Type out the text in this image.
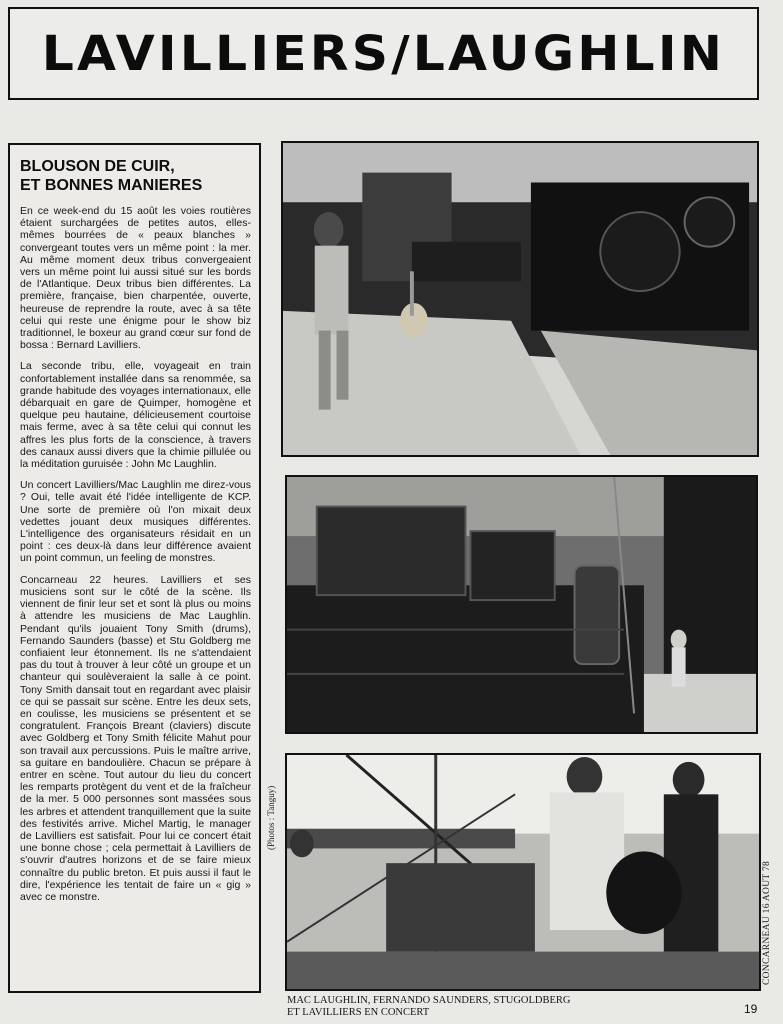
LAVILLIERS/LAUGHLIN
BLOUSON DE CUIR,
ET BONNES MANIERES

En ce week-end du 15 août les voies routières étaient surchargées de petites autos, elles-mêmes bourrées de « peaux blanches » convergeant toutes vers un même point : la mer. Au même moment deux tribus convergeaient vers un même point lui aussi situé sur les bords de l'Atlantique. Deux tribus bien différentes. La première, française, bien charpentée, ouverte, heureuse de reprendre la route, avec à sa tête celui qui reste une énigme pour le show biz traditionnel, le boxeur au grand cœur sur fond de bossa : Bernard Lavilliers.

La seconde tribu, elle, voyageait en train confortablement installée dans sa renommée, sa grande habitude des voyages internationaux, elle débarquait en gare de Quimper, homogène et quelque peu hautaine, délicieusement courtoise mais ferme, avec à sa tête celui qui connut les affres les plus forts de la conscience, à travers des canaux aussi divers que la chimie pillulée ou la méditation guruisée : John Mc Laughlin.

Un concert Lavilliers/Mac Laughlin me direz-vous ? Oui, telle avait été l'idée intelligente de KCP. Une sorte de première où l'on mixait deux vedettes jouant deux musiques différentes. L'intelligence des organisateurs résidait en un point : ces deux-là dans leur différence avaient un point commun, un feeling de monstres.

Concarneau 22 heures. Lavilliers et ses musiciens sont sur le côté de la scène. Ils viennent de finir leur set et sont là plus ou moins à attendre les musiciens de Mac Laughlin. Pendant qu'ils jouaient Tony Smith (drums), Fernando Saunders (basse) et Stu Goldberg me confiaient leur étonnement. Ils ne s'attendaient pas du tout à trouver à leur côté un groupe et un chanteur qui soulèveraient la salle à ce point. Tony Smith dansait tout en regardant avec plaisir ce qui se passait sur scène. Entre les deux sets, en coulisse, les musiciens se présentent et se congratulent. François Breant (claviers) discute avec Goldberg et Tony Smith félicite Mahut pour son travail aux percussions. Puis le maître arrive, sa guitare en bandoulière. Chacun se prépare à entrer en scène. Tout autour du lieu du concert les remparts protègent du vent et de la fraîcheur de la mer. 5 000 personnes sont massées sous les arbres et attendent tranquillement que la suite des festivités arrive. Michel Martig, le manager de Lavilliers est satisfait. Pour lui ce concert était une bonne chose ; cela permettait à Lavilliers de s'ouvrir d'autres horizons et de se faire mieux connaître du public breton. Et puis aussi il faut le dire, l'expérience les tentait de faire un « gig » avec ce monstre.

(Photos : Tanguy)
CONCARNEAU 16 AOUT 78
MAC LAUGHLIN, FERNANDO SAUNDERS, STUGOLDBERG
ET LAVILLIERS EN CONCERT	19
